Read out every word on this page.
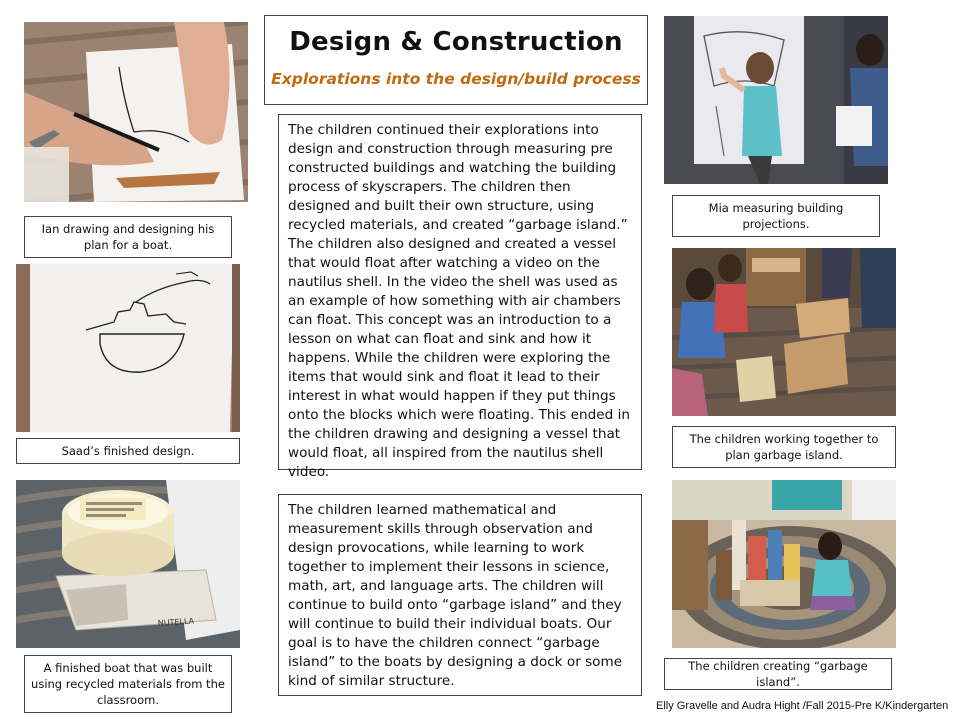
Ian drawing and designing his plan for a boat.
Saad’s finished design.
NUTELLA
A finished boat that was built using recycled materials from the classroom.
Design & Construction
Explorations into the design/build process
The children continued their explorations into design and construction through measuring pre constructed buildings and watching the building process of skyscrapers. The children then designed and built their own structure, using recycled materials, and created “garbage island.” The children also designed and created a vessel that would float after watching a video on the nautilus shell. In the video the shell was used as an example of how something with air chambers can float. This concept was an introduction to a lesson on what can float and sink and how it happens. While the children were exploring the items that would sink and float it lead to their interest in what would happen if they put things onto the blocks which were floating. This ended in the children drawing and designing a vessel that would float, all inspired from the nautilus shell video.
The children learned mathematical and measurement skills through observation and design provocations, while learning to work together to implement their lessons in science, math, art, and language arts. The children will continue to build onto “garbage island” and they will continue to build their individual boats. Our goal is to have the children connect “garbage island” to the boats by designing a dock or some kind of similar structure.
Mia measuring building projections.
The children working together to plan garbage island.
The children creating “garbage island”.
Elly Gravelle and Audra Hight /Fall 2015-Pre K/Kindergarten
